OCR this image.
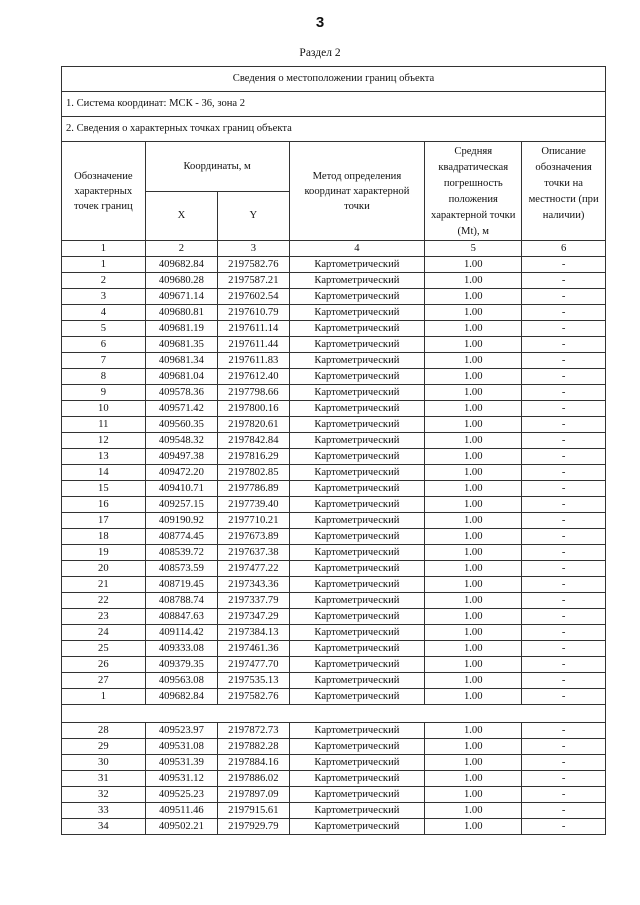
3
Раздел 2
Сведения о местоположении границ объекта					
1. Система координат: МСК - 36, зона 2					
2. Сведения о характерных точках границ объекта					
Обозначение характерных точек границ	Координаты, м		Метод определения координат характерной точки	Средняя квадратическая погрешность положения характерной точки (Mt), м	Описание обозначения точки на местности (при наличии)
	X	Y			
1	2	3	4	5	6
1	409682.84	2197582.76	Картометрический	1.00	-
2	409680.28	2197587.21	Картометрический	1.00	-
3	409671.14	2197602.54	Картометрический	1.00	-
4	409680.81	2197610.79	Картометрический	1.00	-
5	409681.19	2197611.14	Картометрический	1.00	-
6	409681.35	2197611.44	Картометрический	1.00	-
7	409681.34	2197611.83	Картометрический	1.00	-
8	409681.04	2197612.40	Картометрический	1.00	-
9	409578.36	2197798.66	Картометрический	1.00	-
10	409571.42	2197800.16	Картометрический	1.00	-
11	409560.35	2197820.61	Картометрический	1.00	-
12	409548.32	2197842.84	Картометрический	1.00	-
13	409497.38	2197816.29	Картометрический	1.00	-
14	409472.20	2197802.85	Картометрический	1.00	-
15	409410.71	2197786.89	Картометрический	1.00	-
16	409257.15	2197739.40	Картометрический	1.00	-
17	409190.92	2197710.21	Картометрический	1.00	-
18	408774.45	2197673.89	Картометрический	1.00	-
19	408539.72	2197637.38	Картометрический	1.00	-
20	408573.59	2197477.22	Картометрический	1.00	-
21	408719.45	2197343.36	Картометрический	1.00	-
22	408788.74	2197337.79	Картометрический	1.00	-
23	408847.63	2197347.29	Картометрический	1.00	-
24	409114.42	2197384.13	Картометрический	1.00	-
25	409333.08	2197461.36	Картометрический	1.00	-
26	409379.35	2197477.70	Картометрический	1.00	-
27	409563.08	2197535.13	Картометрический	1.00	-
1	409682.84	2197582.76	Картометрический	1.00	-

28	409523.97	2197872.73	Картометрический	1.00	-
29	409531.08	2197882.28	Картометрический	1.00	-
30	409531.39	2197884.16	Картометрический	1.00	-
31	409531.12	2197886.02	Картометрический	1.00	-
32	409525.23	2197897.09	Картометрический	1.00	-
33	409511.46	2197915.61	Картометрический	1.00	-
34	409502.21	2197929.79	Картометрический	1.00	-
